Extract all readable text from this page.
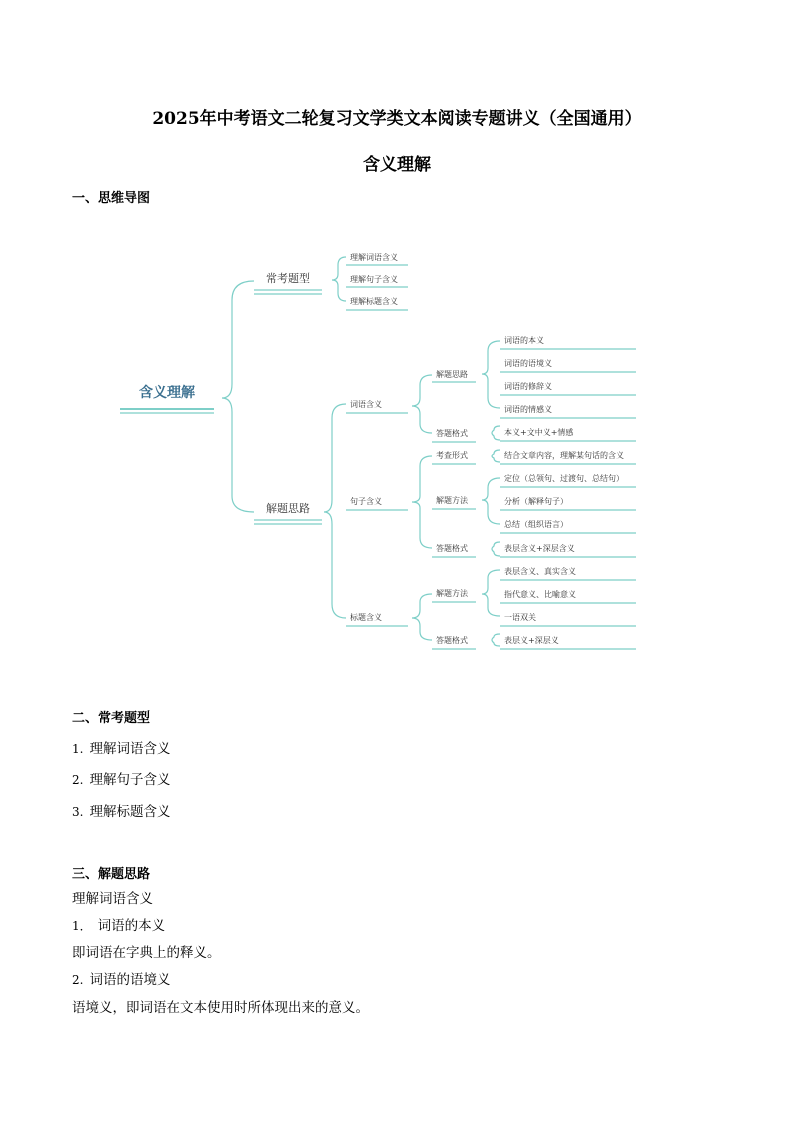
2025年中考语文二轮复习文学类文本阅读专题讲义（全国通用）
含义理解
一、思维导图
含义理解
常考题型
解题思路
理解词语含义
理解句子含义
理解标题含义
词语含义
句子含义
标题含义
解题思路
答题格式
考查形式
解题方法
答题格式
解题方法
答题格式
词语的本义
词语的语境义
词语的修辞义
词语的情感义
本义+文中义+情感
结合文章内容，理解某句话的含义
定位（总领句、过渡句、总结句）
分析（解释句子）
总结（组织语言）
表层含义+深层含义
表层含义、真实含义
指代意义、比喻意义
一语双关
表层义+深层义
二、常考题型
1. 理解词语含义
2. 理解句子含义
3. 理解标题含义
三、解题思路
理解词语含义
1． 词语的本义
即词语在字典上的释义。
2. 词语的语境义
语境义，即词语在文本使用时所体现出来的意义。
